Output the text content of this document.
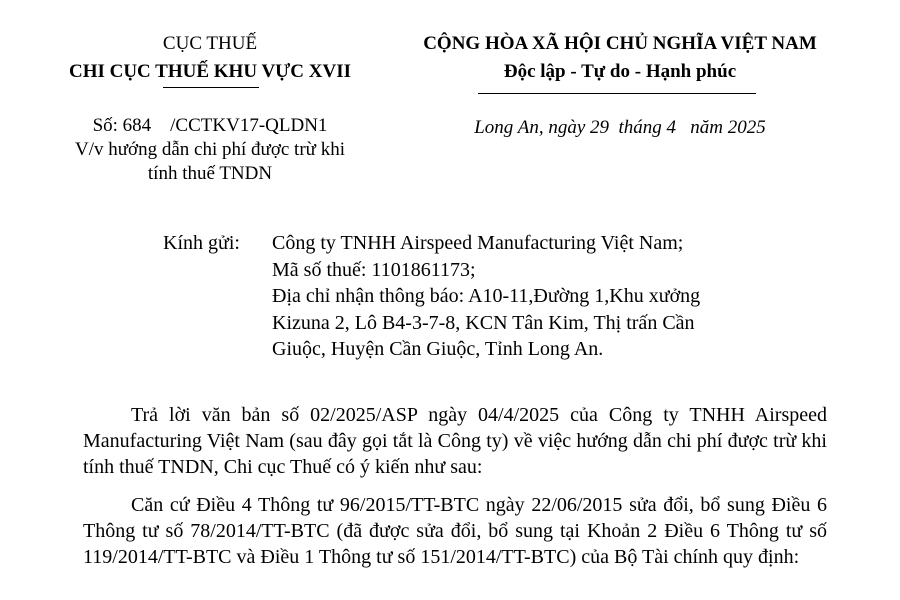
CỤC THUẾ
CHI CỤC THUẾ KHU VỰC XVII
CỘNG HÒA XÃ HỘI CHỦ NGHĨA VIỆT NAM
Độc lập - Tự do - Hạnh phúc
Số: 684    /CCTKV17-QLDN1
V/v hướng dẫn chi phí được trừ khi
tính thuế TNDN
Long An, ngày 29  tháng 4   năm 2025
Kính gửi: Công ty TNHH Airspeed Manufacturing Việt Nam;
Mã số thuế: 1101861173;
Địa chỉ nhận thông báo: A10-11,Đường 1,Khu xưởng
Kizuna 2, Lô B4-3-7-8, KCN Tân Kim, Thị trấn Cần
Giuộc, Huyện Cần Giuộc, Tỉnh Long An.
Trả lời văn bản số 02/2025/ASP ngày 04/4/2025 của Công ty TNHH Airspeed Manufacturing Việt Nam (sau đây gọi tắt là Công ty) về việc hướng dẫn chi phí được trừ khi tính thuế TNDN, Chi cục Thuế có ý kiến như sau:
Căn cứ Điều 4 Thông tư 96/2015/TT-BTC ngày 22/06/2015 sửa đổi, bổ sung Điều 6 Thông tư số 78/2014/TT-BTC (đã được sửa đổi, bổ sung tại Khoản 2 Điều 6 Thông tư số 119/2014/TT-BTC và Điều 1 Thông tư số 151/2014/TT-BTC) của Bộ Tài chính quy định:
